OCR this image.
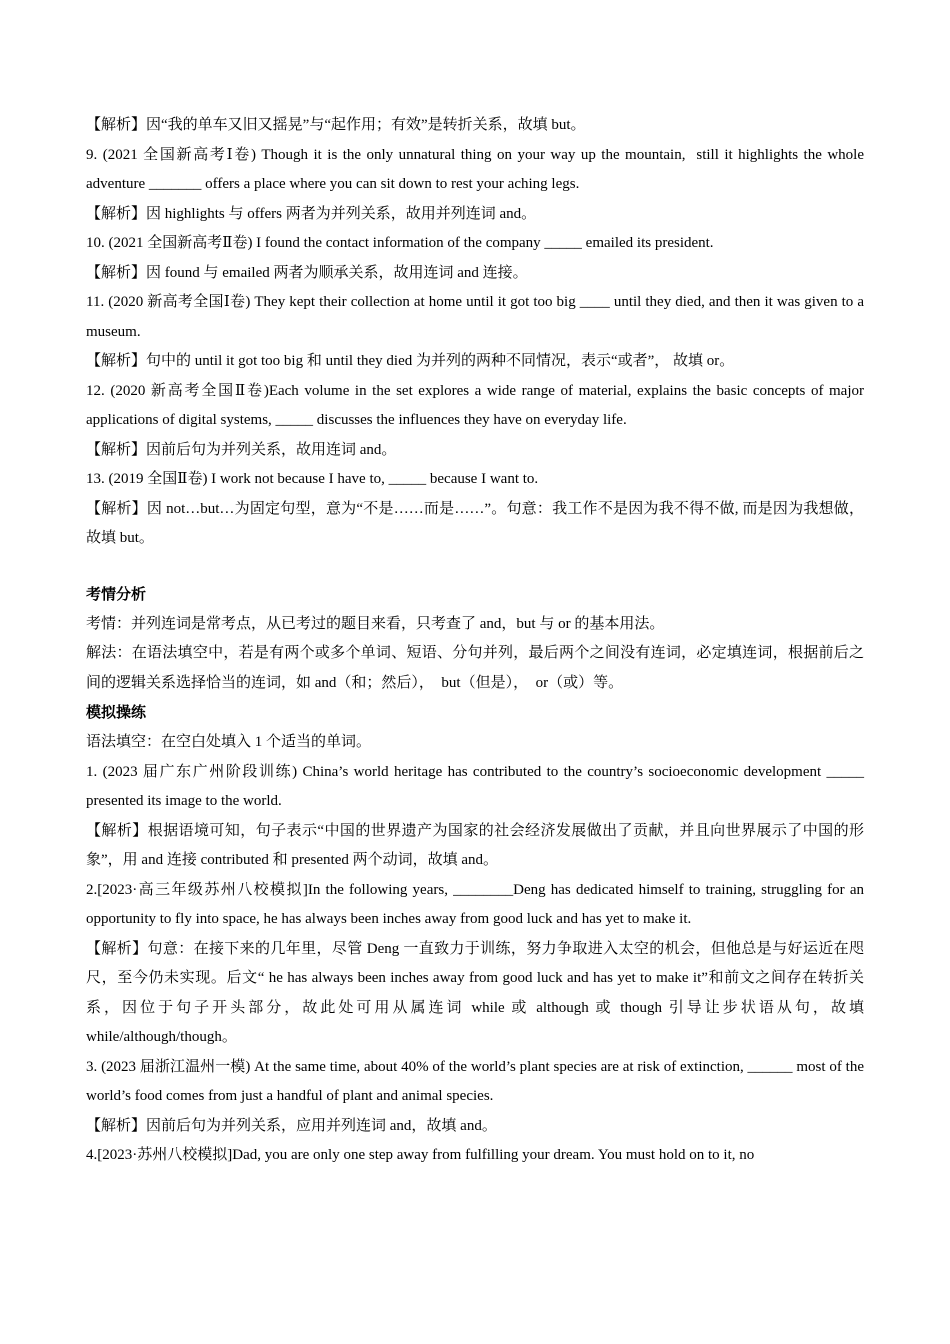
【解析】因“我的单车又旧又摇晃”与“起作用；有效”是转折关系，故填 but。

9. (2021 全国新高考Ⅰ卷) Though it is the only unnatural thing on your way up the mountain,  still it highlights the whole adventure _______ offers a place where you can sit down to rest your aching legs.

【解析】因 highlights 与 offers 两者为并列关系，故用并列连词 and。

10. (2021 全国新高考Ⅱ卷) I found the contact information of the company _____ emailed its president.

【解析】因 found 与 emailed 两者为顺承关系，故用连词 and 连接。

11. (2020 新高考全国Ⅰ卷) They kept their collection at home until it got too big ____ until they died, and then it was given to a museum.

【解析】句中的 until it got too big 和 until they died 为并列的两种不同情况，表示“或者”， 故填 or。

12. (2020 新高考全国Ⅱ卷)Each volume in the set explores a wide range of material, explains the basic concepts of major applications of digital systems, _____ discusses the influences they have on everyday life.

【解析】因前后句为并列关系，故用连词 and。

13. (2019 全国Ⅱ卷) I work not because I have to, _____ because I want to.

【解析】因 not…but…为固定句型，意为“不是……而是……”。句意：我工作不是因为我不得不做, 而是因为我想做，故填 but。

考情分析

考情：并列连词是常考点，从已考过的题目来看，只考查了 and，but 与 or 的基本用法。

解法：在语法填空中，若是有两个或多个单词、短语、分句并列，最后两个之间没有连词，必定填连词，根据前后之间的逻辑关系选择恰当的连词，如 and（和；然后），  but（但是），  or（或）等。

模拟操练

语法填空：在空白处填入 1 个适当的单词。

1. (2023 届广东广州阶段训练) China’s world heritage has contributed to the country’s socioeconomic development _____ presented its image to the world.

【解析】根据语境可知，句子表示“中国的世界遗产为国家的社会经济发展做出了贡献，并且向世界展示了中国的形象”，用 and 连接 contributed 和 presented 两个动词，故填 and。

2.[2023·高三年级苏州八校模拟]In the following years, ________Deng has dedicated himself to training, struggling for an opportunity to fly into space, he has always been inches away from good luck and has yet to make it.

【解析】句意：在接下来的几年里，尽管 Deng 一直致力于训练，努力争取进入太空的机会，但他总是与好运近在咫尺，至今仍未实现。后文“ he has always been inches away from good luck and has yet to make it”和前文之间存在转折关系，因位于句子开头部分，故此处可用从属连词 while 或 although 或 though 引导让步状语从句，故填 while/although/though。

3. (2023 届浙江温州一模) At the same time, about 40% of the world’s plant species are at risk of extinction, ______ most of the world’s food comes from just a handful of plant and animal species.

【解析】因前后句为并列关系，应用并列连词 and，故填 and。

4.[2023·苏州八校模拟]Dad, you are only one step away from fulfilling your dream. You must hold on to it, no
